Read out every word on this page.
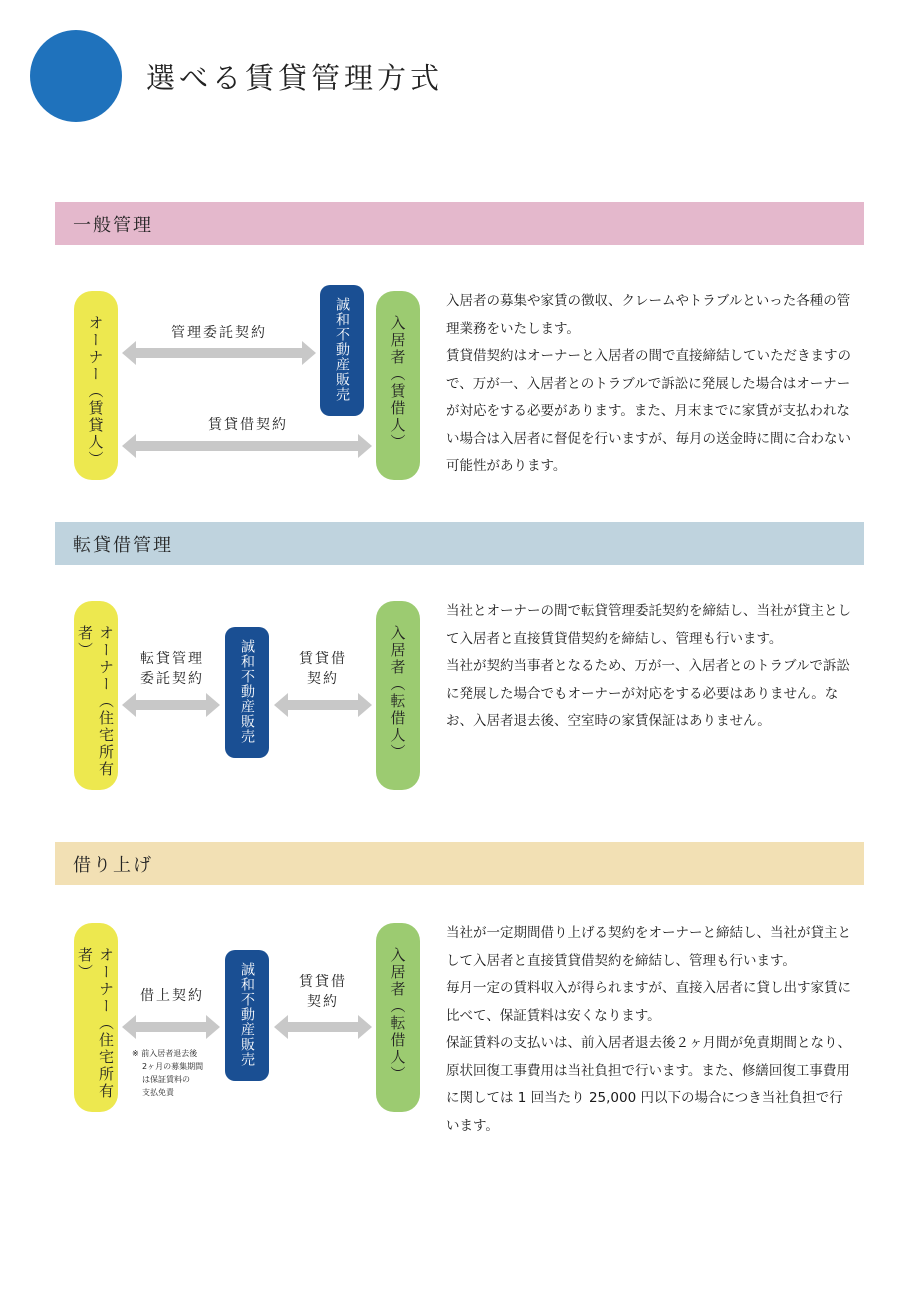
選べる賃貸管理方式
一般管理
オーナー（賃貸人）	誠和不動産販売	入居者（賃借人）
管理委託契約
賃貸借契約

入居者の募集や家賃の徴収、クレームやトラブルといった各種の管理業務をいたします。

賃貸借契約はオーナーと入居者の間で直接締結していただきますので、万が一、入居者とのトラブルで訴訟に発展した場合はオーナーが対応をする必要があります。また、月末までに家賃が支払われない場合は入居者に督促を行いますが、毎月の送金時に間に合わない可能性があります。

転貸借管理
オーナー（住宅所有者）	誠和不動産販売	入居者（転借人）
転貸管理
委託契約
賃貸借
契約

当社とオーナーの間で転貸管理委託契約を締結し、当社が貸主として入居者と直接賃貸借契約を締結し、管理も行います。

当社が契約当事者となるため、万が一、入居者とのトラブルで訴訟に発展した場合でもオーナーが対応をする必要はありません。なお、入居者退去後、空室時の家賃保証はありません。

借り上げ
オーナー（住宅所有者）	誠和不動産販売	入居者（転借人）
借上契約
賃貸借
契約
※ 前入居者退去後
2ヶ月の募集期間
は保証賃料の
支払免責

当社が一定期間借り上げる契約をオーナーと締結し、当社が貸主として入居者と直接賃貸借契約を締結し、管理も行います。

毎月一定の賃料収入が得られますが、直接入居者に貸し出す家賃に比べて、保証賃料は安くなります。

保証賃料の支払いは、前入居者退去後２ヶ月間が免責期間となり、原状回復工事費用は当社負担で行います。また、修繕回復工事費用に関しては 1 回当たり 25,000 円以下の場合につき当社負担で行います。
